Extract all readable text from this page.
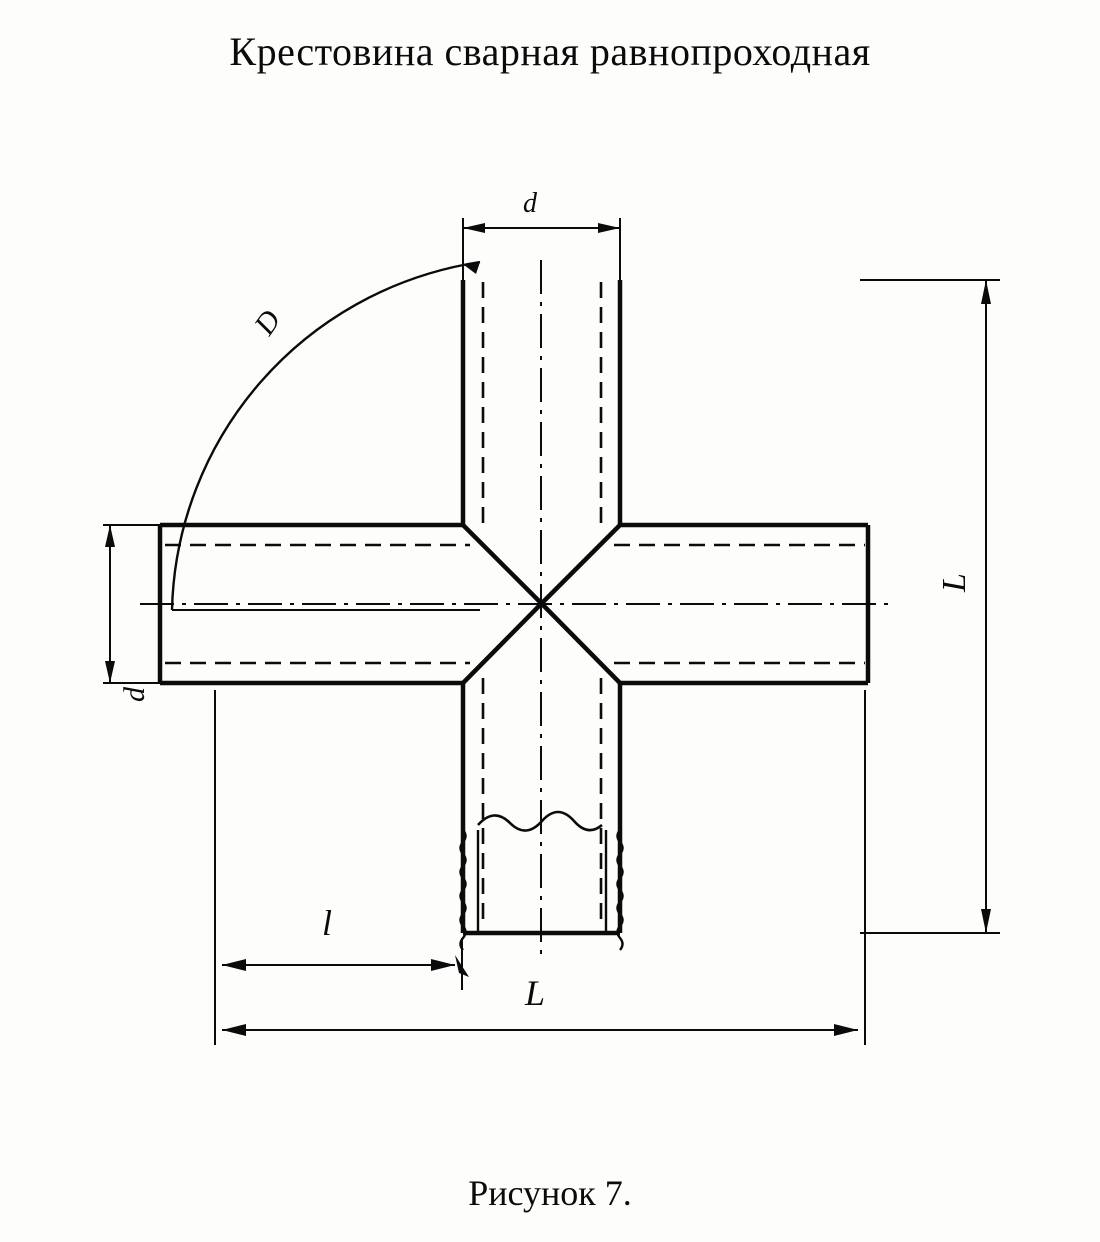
Крестовина сварная равнопроходная
d
d
D
L
l
L
Рисунок 7.
